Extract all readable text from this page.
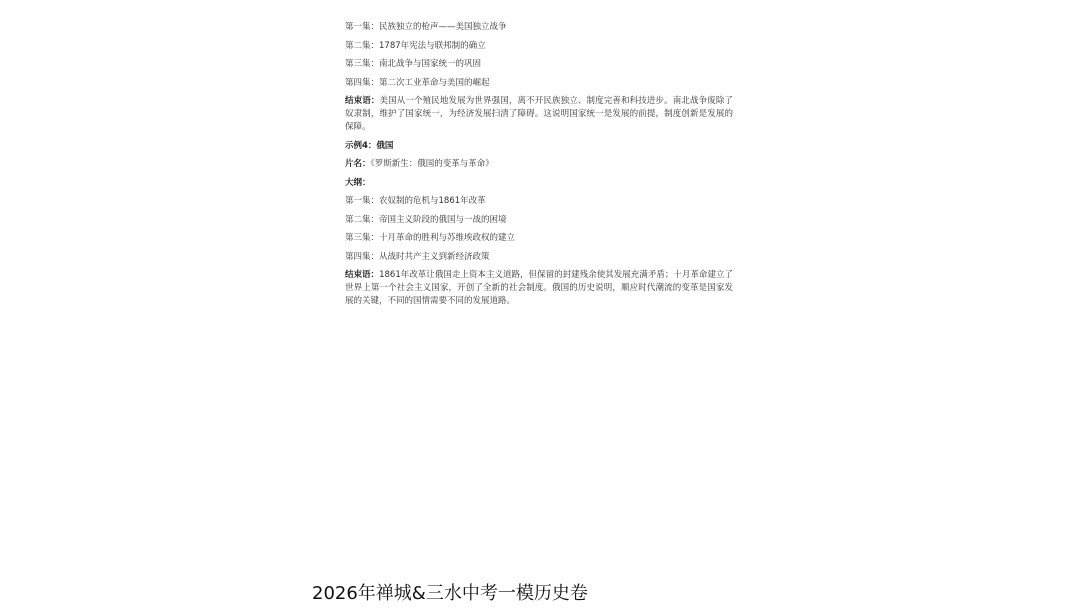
第一集：民族独立的枪声——美国独立战争

第二集：1787年宪法与联邦制的确立

第三集：南北战争与国家统一的巩固

第四集：第二次工业革命与美国的崛起

结束语：美国从一个殖民地发展为世界强国，离不开民族独立、制度完善和科技进步。南北战争废除了奴隶制，维护了国家统一，为经济发展扫清了障碍。这说明国家统一是发展的前提，制度创新是发展的保障。

示例4：俄国

片名：《罗斯新生：俄国的变革与革命》

大纲：

第一集：农奴制的危机与1861年改革

第二集：帝国主义阶段的俄国与一战的困境

第三集：十月革命的胜利与苏维埃政权的建立

第四集：从战时共产主义到新经济政策

结束语：1861年改革让俄国走上资本主义道路，但保留的封建残余使其发展充满矛盾；十月革命建立了世界上第一个社会主义国家，开创了全新的社会制度。俄国的历史说明，顺应时代潮流的变革是国家发展的关键，不同的国情需要不同的发展道路。

2026年禅城&三水中考一模历史卷
